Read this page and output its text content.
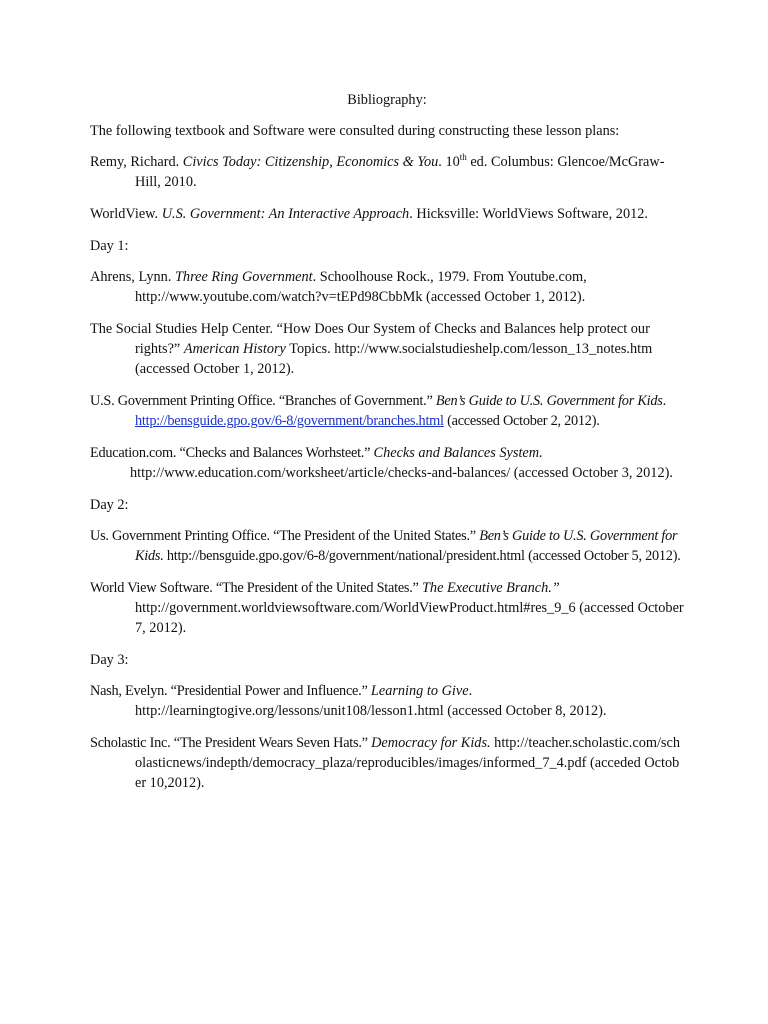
Bibliography:
The following textbook and Software were consulted during constructing these lesson plans:
Remy, Richard. Civics Today: Citizenship, Economics & You. 10th ed. Columbus: Glencoe/McGraw-Hill, 2010.
WorldView. U.S. Government: An Interactive Approach. Hicksville: WorldViews Software, 2012.
Day 1:
Ahrens, Lynn. Three Ring Government. Schoolhouse Rock., 1979. From Youtube.com, http://www.youtube.com/watch?v=tEPd98CbbMk (accessed October 1, 2012).
The Social Studies Help Center. “How Does Our System of Checks and Balances help protect our rights?” American History Topics. http://www.socialstudieshelp.com/lesson_13_notes.htm (accessed October 1, 2012).
U.S. Government Printing Office. “Branches of Government.” Ben’s Guide to U.S. Government for Kids. http://bensguide.gpo.gov/6-8/government/branches.html (accessed October 2, 2012).
Education.com. “Checks and Balances Worhsteet.” Checks and Balances System. http://www.education.com/worksheet/article/checks-and-balances/ (accessed October 3, 2012).
Day 2:
Us. Government Printing Office. “The President of the United States.” Ben’s Guide to U.S. Government for Kids. http://bensguide.gpo.gov/6-8/government/national/president.html (accessed October 5, 2012).
World View Software. “The President of the United States.” The Executive Branch.” http://government.worldviewsoftware.com/WorldViewProduct.html#res_9_6 (accessed October 7, 2012).
Day 3:
Nash, Evelyn. “Presidential Power and Influence.” Learning to Give. http://learningtogive.org/lessons/unit108/lesson1.html (accessed October 8, 2012).
Scholastic Inc. “The President Wears Seven Hats.” Democracy for Kids. http://teacher.scholastic.com/scholasticnews/indepth/democracy_plaza/reproducibles/images/informed_7_4.pdf (acceded October 10,2012).
